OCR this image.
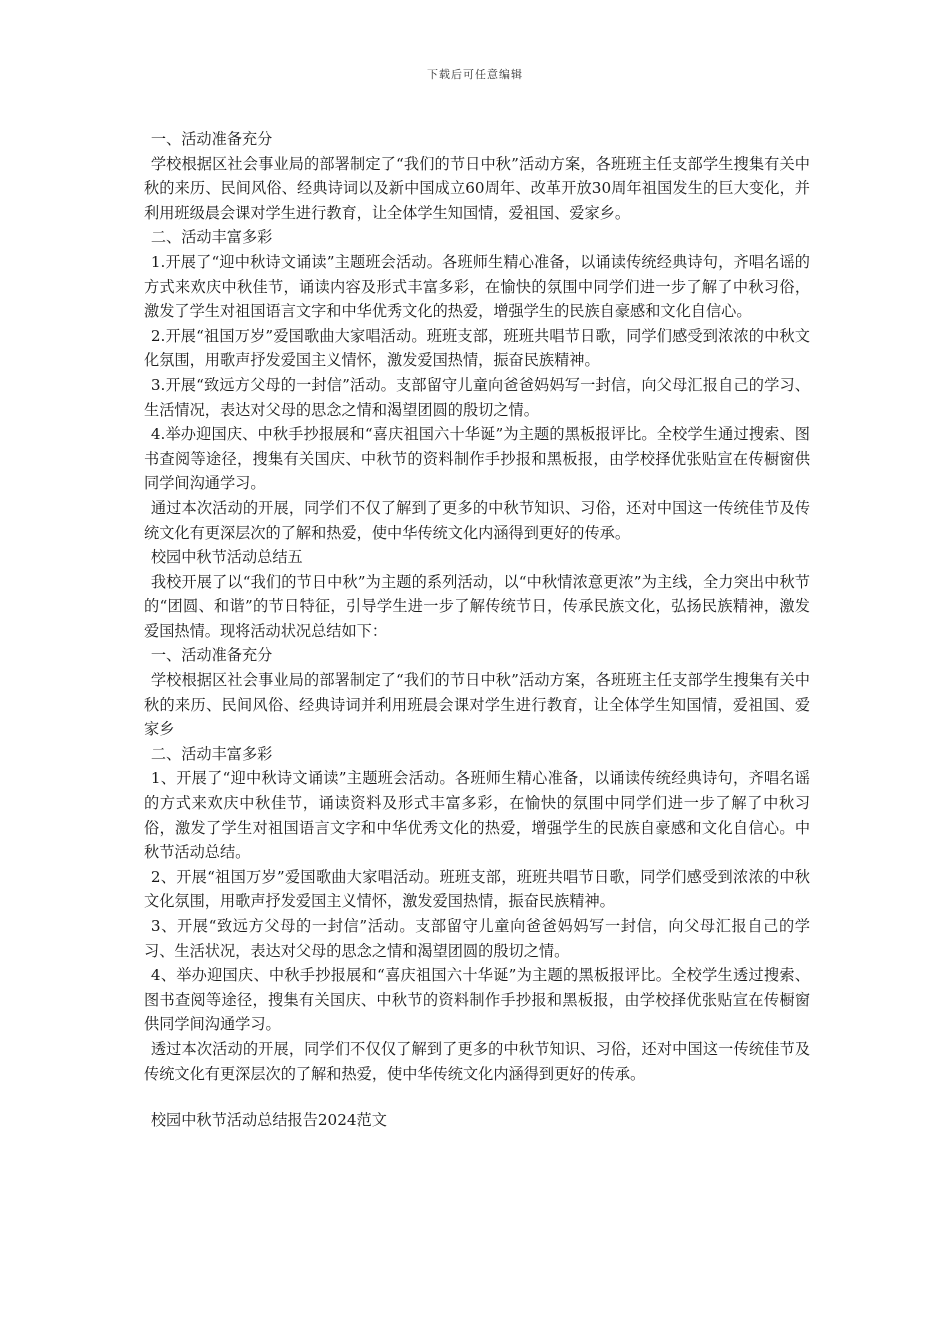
下载后可任意编辑

一、活动准备充分

学校根据区社会事业局的部署制定了“我们的节日中秋”活动方案，各班班主任支部学生搜集有关中秋的来历、民间风俗、经典诗词以及新中国成立60周年、改革开放30周年祖国发生的巨大变化，并利用班级晨会课对学生进行教育，让全体学生知国情，爱祖国、爱家乡。

二、活动丰富多彩

1.开展了“迎中秋诗文诵读”主题班会活动。各班师生精心准备，以诵读传统经典诗句，齐唱名谣的方式来欢庆中秋佳节，诵读内容及形式丰富多彩，在愉快的氛围中同学们进一步了解了中秋习俗，激发了学生对祖国语言文字和中华优秀文化的热爱，增强学生的民族自豪感和文化自信心。

2.开展“祖国万岁”爱国歌曲大家唱活动。班班支部，班班共唱节日歌，同学们感受到浓浓的中秋文化氛围，用歌声抒发爱国主义情怀，激发爱国热情，振奋民族精神。

3.开展“致远方父母的一封信”活动。支部留守儿童向爸爸妈妈写一封信，向父母汇报自己的学习、生活情况，表达对父母的思念之情和渴望团圆的殷切之情。

4.举办迎国庆、中秋手抄报展和“喜庆祖国六十华诞”为主题的黑板报评比。全校学生通过搜索、图书查阅等途径，搜集有关国庆、中秋节的资料制作手抄报和黑板报，由学校择优张贴宣在传橱窗供同学间沟通学习。

通过本次活动的开展，同学们不仅了解到了更多的中秋节知识、习俗，还对中国这一传统佳节及传统文化有更深层次的了解和热爱，使中华传统文化内涵得到更好的传承。

校园中秋节活动总结五

我校开展了以“我们的节日中秋”为主题的系列活动，以“中秋情浓意更浓”为主线，全力突出中秋节的“团圆、和谐”的节日特征，引导学生进一步了解传统节日，传承民族文化，弘扬民族精神，激发爱国热情。现将活动状况总结如下：

一、活动准备充分

学校根据区社会事业局的部署制定了“我们的节日中秋”活动方案，各班班主任支部学生搜集有关中秋的来历、民间风俗、经典诗词并利用班晨会课对学生进行教育，让全体学生知国情，爱祖国、爱家乡

二、活动丰富多彩

1、开展了“迎中秋诗文诵读”主题班会活动。各班师生精心准备，以诵读传统经典诗句，齐唱名谣的方式来欢庆中秋佳节，诵读资料及形式丰富多彩，在愉快的氛围中同学们进一步了解了中秋习俗，激发了学生对祖国语言文字和中华优秀文化的热爱，增强学生的民族自豪感和文化自信心。中秋节活动总结。

2、开展“祖国万岁”爱国歌曲大家唱活动。班班支部，班班共唱节日歌，同学们感受到浓浓的中秋文化氛围，用歌声抒发爱国主义情怀，激发爱国热情，振奋民族精神。

3、开展“致远方父母的一封信”活动。支部留守儿童向爸爸妈妈写一封信，向父母汇报自己的学习、生活状况，表达对父母的思念之情和渴望团圆的殷切之情。

4、举办迎国庆、中秋手抄报展和“喜庆祖国六十华诞”为主题的黑板报评比。全校学生透过搜索、图书查阅等途径，搜集有关国庆、中秋节的资料制作手抄报和黑板报，由学校择优张贴宣在传橱窗供同学间沟通学习。

透过本次活动的开展，同学们不仅仅了解到了更多的中秋节知识、习俗，还对中国这一传统佳节及传统文化有更深层次的了解和热爱，使中华传统文化内涵得到更好的传承。

校园中秋节活动总结报告2024范文
